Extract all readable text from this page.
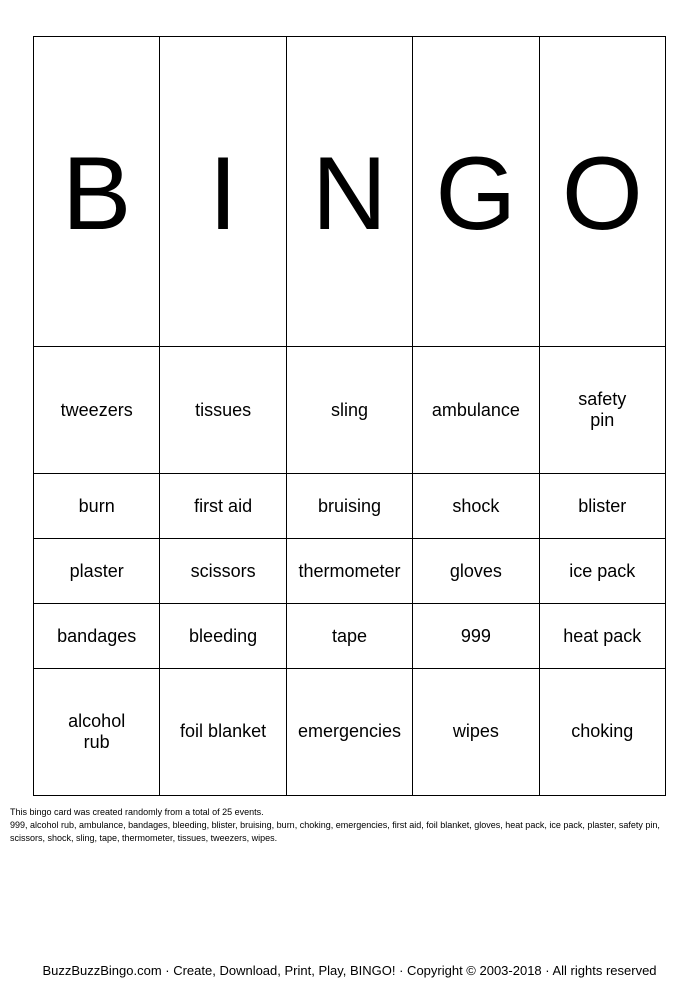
B	I	N	G	O
tweezers	tissues	sling	ambulance	safety pin
burn	first aid	bruising	shock	blister
plaster	scissors	thermometer	gloves	ice pack
bandages	bleeding	tape	999	heat pack
alcohol rub	foil blanket	emergencies	wipes	choking

This bingo card was created randomly from a total of 25 events.

999, alcohol rub, ambulance, bandages, bleeding, blister, bruising, burn, choking, emergencies, first aid, foil blanket, gloves, heat pack, ice pack, plaster, safety pin, scissors, shock, sling, tape, thermometer, tissues, tweezers, wipes.

BuzzBuzzBingo.com · Create, Download, Print, Play, BINGO! · Copyright © 2003-2018 · All rights reserved
